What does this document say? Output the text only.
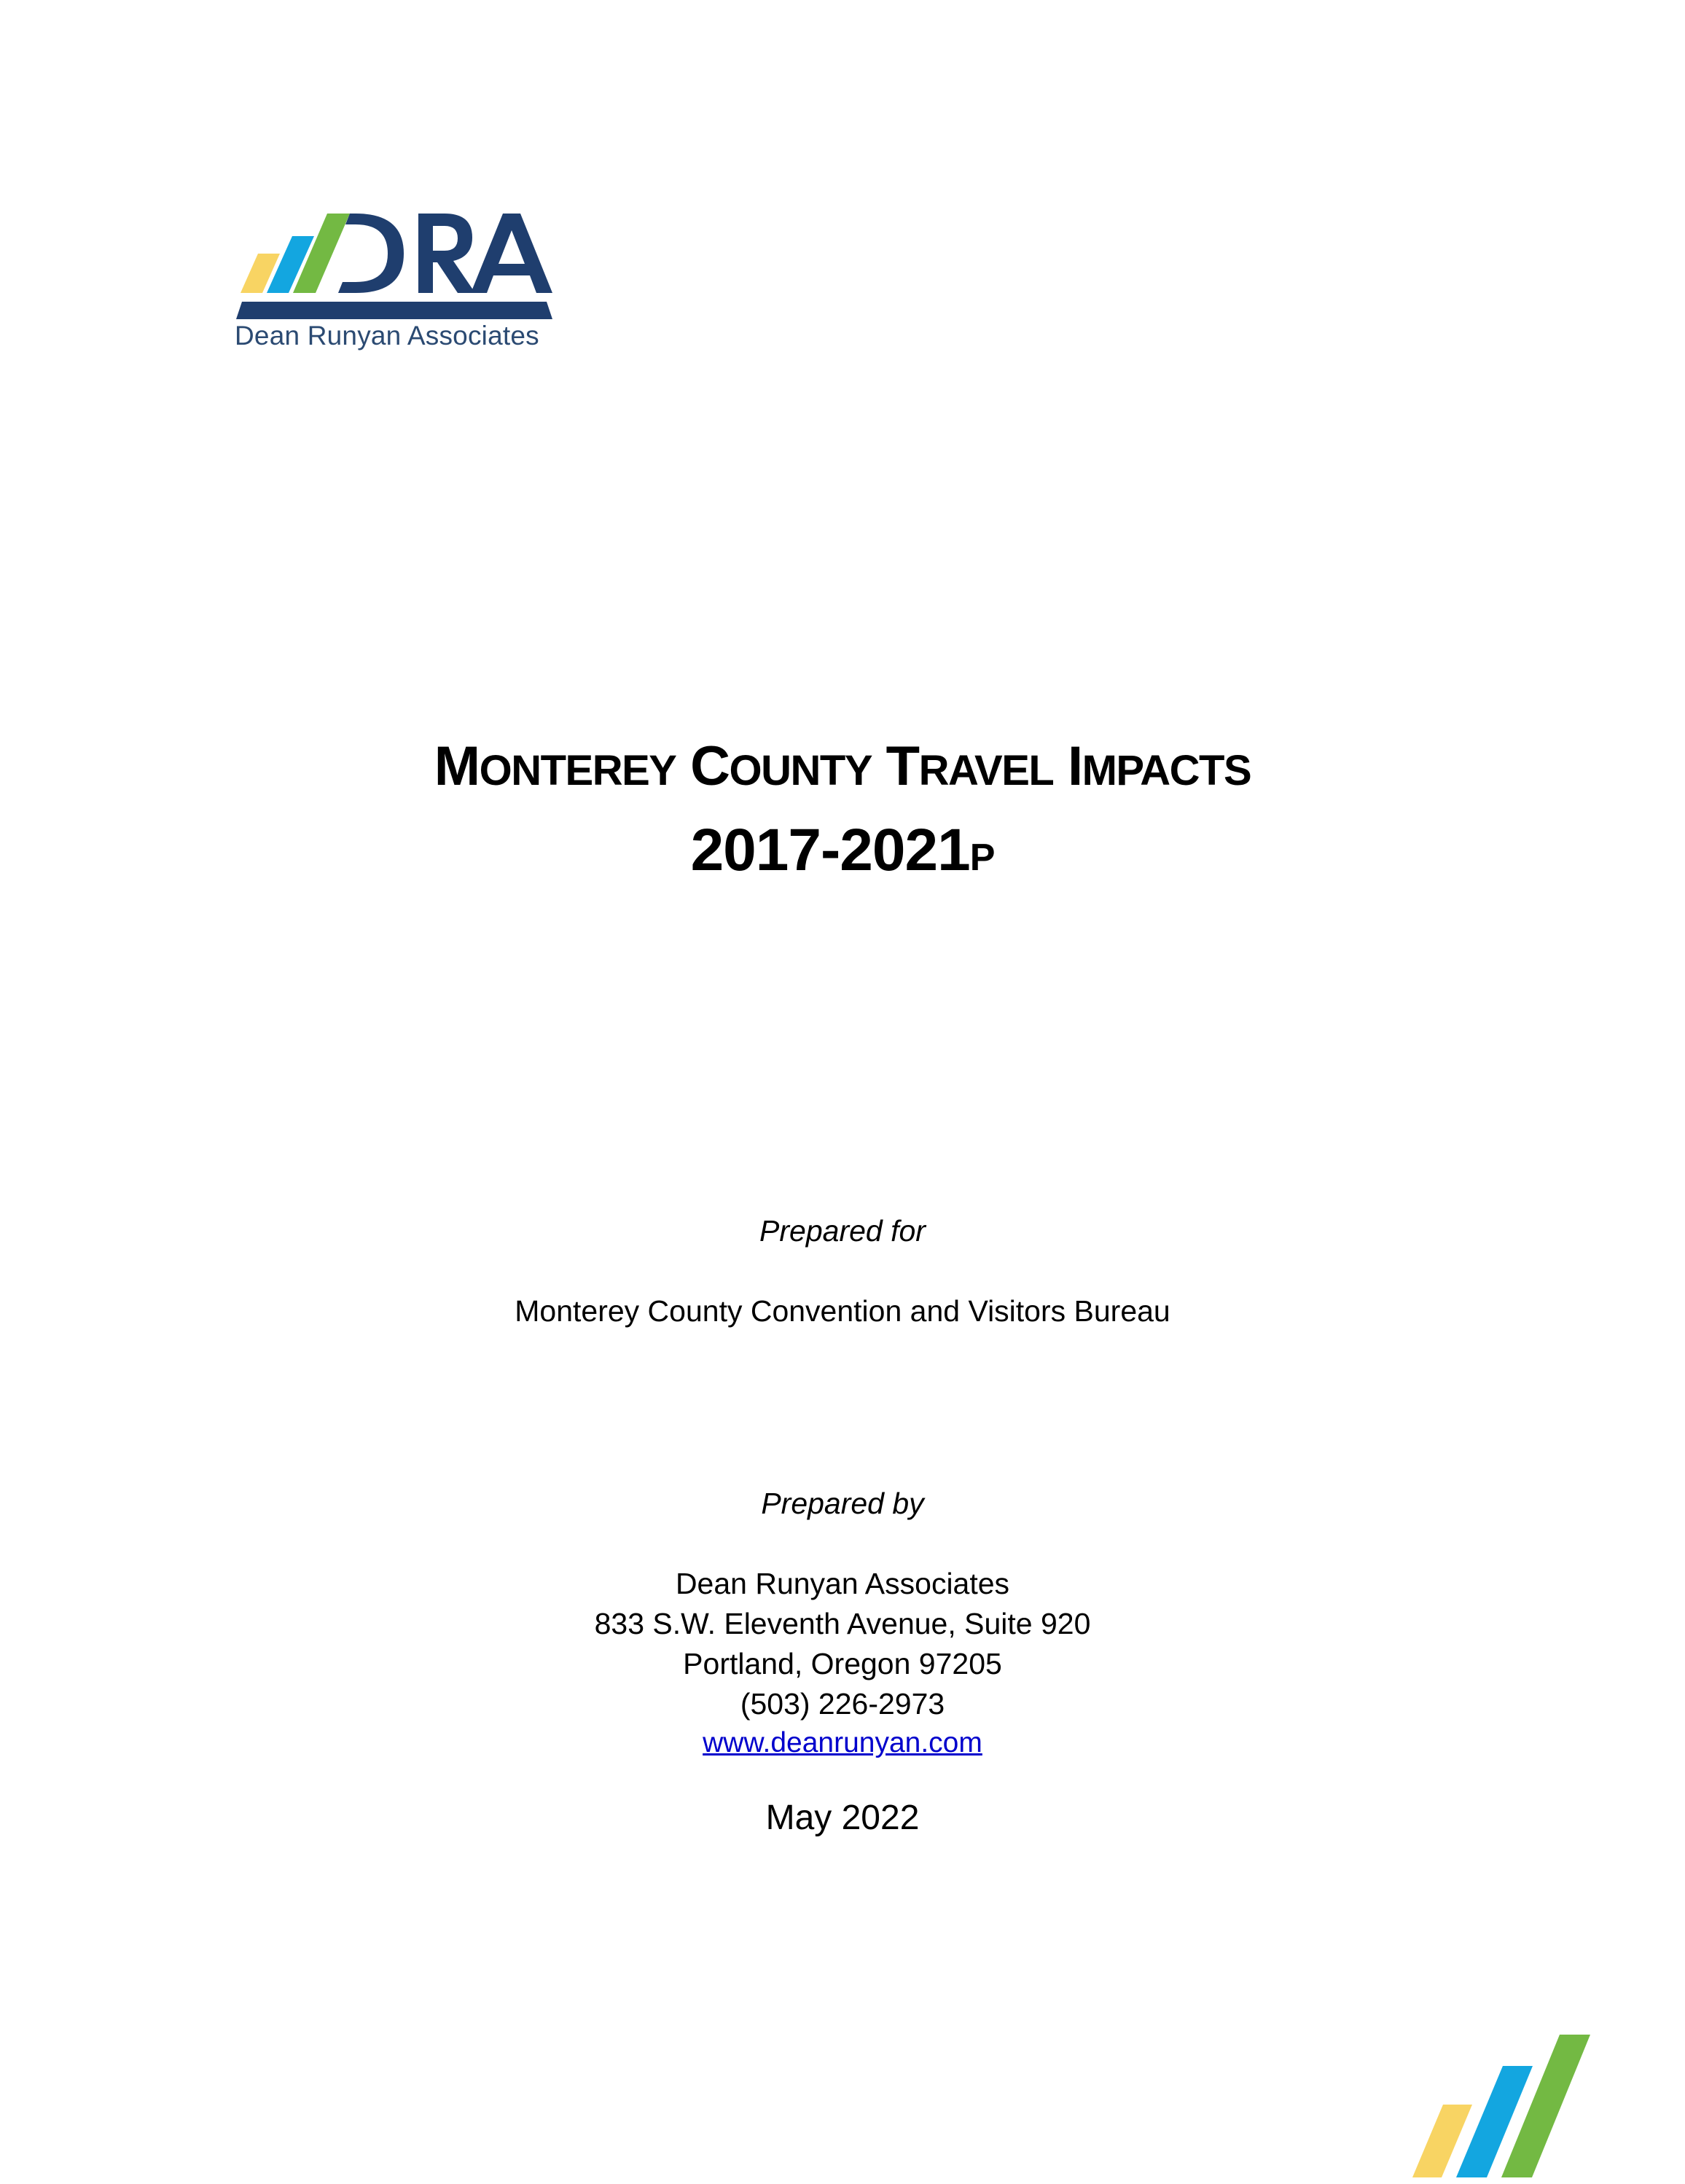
Dean Runyan Associates
MONTEREY COUNTY TRAVEL IMPACTS
2017-2021P
Prepared for
Monterey County Convention and Visitors Bureau
Prepared by
Dean Runyan Associates
833 S.W. Eleventh Avenue, Suite 920
Portland, Oregon 97205
(503) 226-2973
www.deanrunyan.com
May 2022
